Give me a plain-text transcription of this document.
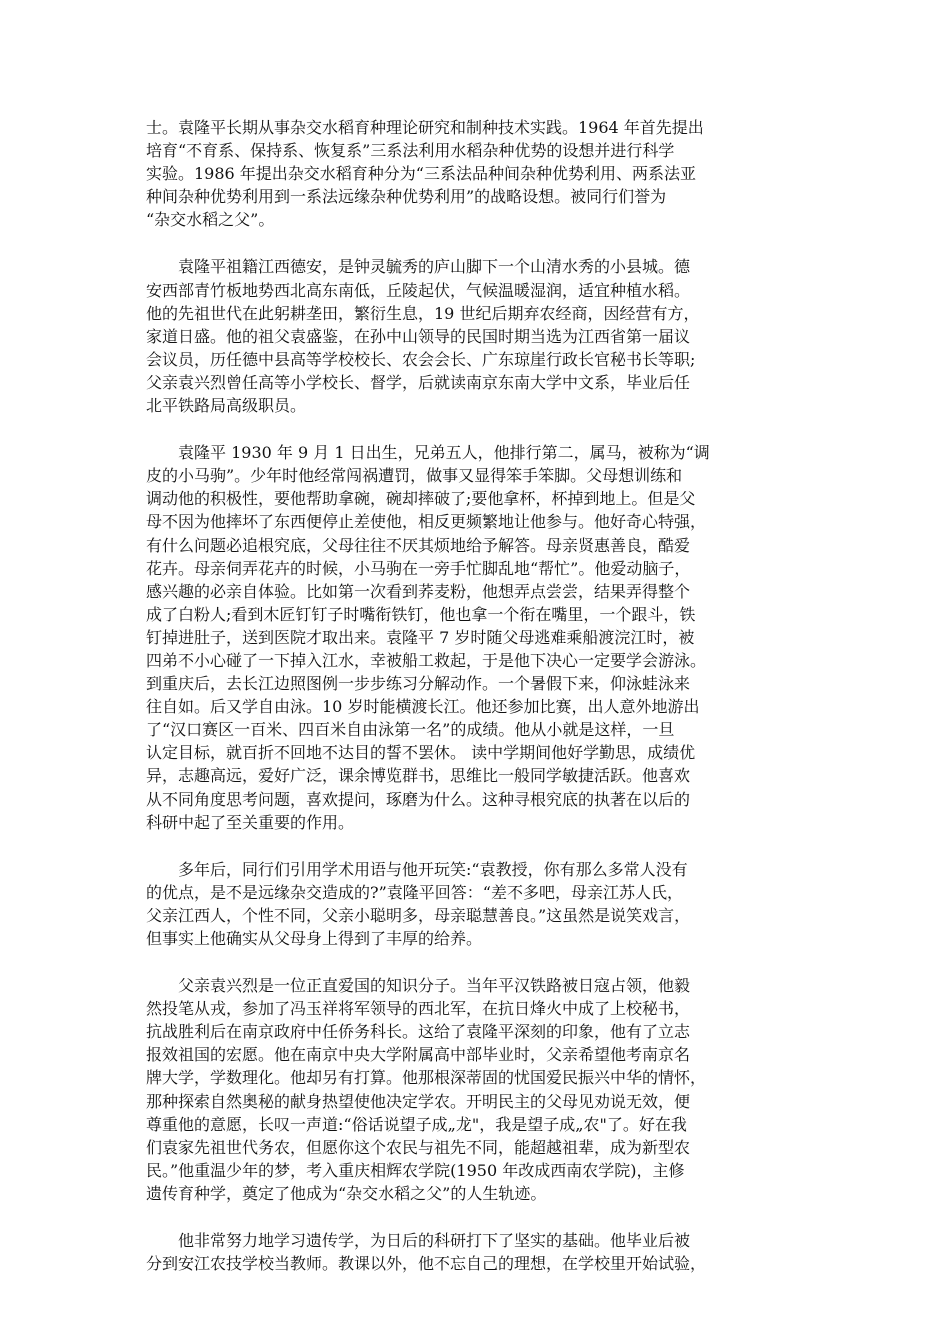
士。袁隆平长期从事杂交水稻育种理论研究和制种技术实践。1964 年首先提出
培育“不育系、保持系、恢复系”三系法利用水稻杂种优势的设想并进行科学
实验。1986 年提出杂交水稻育种分为“三系法品种间杂种优势利用、两系法亚
种间杂种优势利用到一系法远缘杂种优势利用”的战略设想。被同行们誉为
“杂交水稻之父”。
袁隆平祖籍江西德安，是钟灵毓秀的庐山脚下一个山清水秀的小县城。德
安西部青竹板地势西北高东南低，丘陵起伏，气候温暖湿润，适宜种植水稻。
他的先祖世代在此躬耕垄田，繁衍生息，19 世纪后期弃农经商，因经营有方，
家道日盛。他的祖父袁盛鉴，在孙中山领导的民国时期当选为江西省第一届议
会议员，历任德中县高等学校校长、农会会长、广东琼崖行政长官秘书长等职;
父亲袁兴烈曾任高等小学校长、督学，后就读南京东南大学中文系，毕业后任
北平铁路局高级职员。
袁隆平 1930 年 9 月 1 日出生，兄弟五人，他排行第二，属马，被称为“调
皮的小马驹”。少年时他经常闯祸遭罚，做事又显得笨手笨脚。父母想训练和
调动他的积极性，要他帮助拿碗，碗却摔破了;要他拿杯，杯掉到地上。但是父
母不因为他摔坏了东西便停止差使他，相反更频繁地让他参与。他好奇心特强，
有什么问题必追根究底，父母往往不厌其烦地给予解答。母亲贤惠善良，酷爱
花卉。母亲伺弄花卉的时候，小马驹在一旁手忙脚乱地“帮忙”。他爱动脑子，
感兴趣的必亲自体验。比如第一次看到荞麦粉，他想弄点尝尝，结果弄得整个
成了白粉人;看到木匠钉钉子时嘴衔铁钉，他也拿一个衔在嘴里，一个跟斗，铁
钉掉进肚子，送到医院才取出来。袁隆平 7 岁时随父母逃难乘船渡浣江时，被
四弟不小心碰了一下掉入江水，幸被船工救起，于是他下决心一定要学会游泳。
到重庆后，去长江边照图例一步步练习分解动作。一个暑假下来，仰泳蛙泳来
往自如。后又学自由泳。10 岁时能横渡长江。他还参加比赛，出人意外地游出
了“汉口赛区一百米、四百米自由泳第一名”的成绩。他从小就是这样，一旦
认定目标，就百折不回地不达目的誓不罢休。 读中学期间他好学勤思，成绩优
异，志趣高远，爱好广泛，课余博览群书，思维比一般同学敏捷活跃。他喜欢
从不同角度思考问题，喜欢提问，琢磨为什么。这种寻根究底的执著在以后的
科研中起了至关重要的作用。
多年后，同行们引用学术用语与他开玩笑:“袁教授，你有那么多常人没有
的优点，是不是远缘杂交造成的?”袁隆平回答：“差不多吧，母亲江苏人氏，
父亲江西人，个性不同，父亲小聪明多，母亲聪慧善良。”这虽然是说笑戏言，
但事实上他确实从父母身上得到了丰厚的给养。
父亲袁兴烈是一位正直爱国的知识分子。当年平汉铁路被日寇占领，他毅
然投笔从戎，参加了冯玉祥将军领导的西北军，在抗日烽火中成了上校秘书，
抗战胜利后在南京政府中任侨务科长。这给了袁隆平深刻的印象，他有了立志
报效祖国的宏愿。他在南京中央大学附属高中部毕业时，父亲希望他考南京名
牌大学，学数理化。他却另有打算。他那根深蒂固的忧国爱民振兴中华的情怀，
那种探索自然奥秘的献身热望使他决定学农。开明民主的父母见劝说无效，便
尊重他的意愿，长叹一声道:“俗话说望子成„龙"，我是望子成„农"了。好在我
们袁家先祖世代务农，但愿你这个农民与祖先不同，能超越祖辈，成为新型农
民。”他重温少年的梦，考入重庆相辉农学院(1950 年改成西南农学院)，主修
遗传育种学，奠定了他成为“杂交水稻之父”的人生轨迹。
他非常努力地学习遗传学，为日后的科研打下了坚实的基础。他毕业后被
分到安江农技学校当教师。教课以外，他不忘自己的理想，在学校里开始试验，
